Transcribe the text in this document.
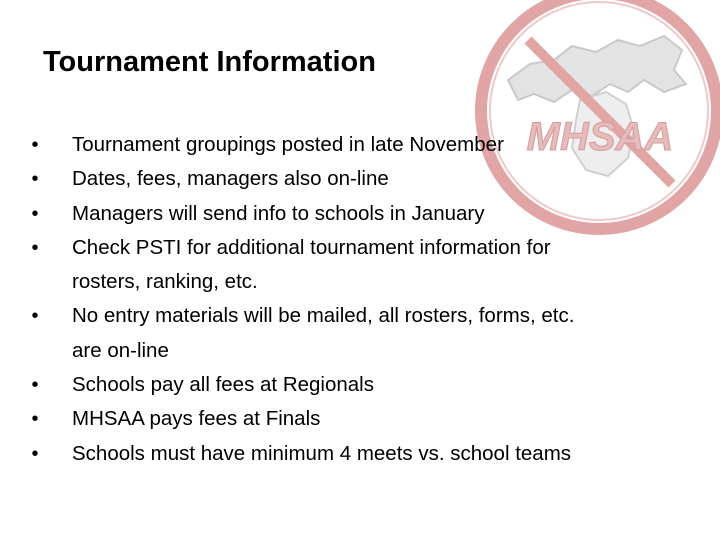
MHSAA
Tournament Information
• Tournament groupings posted in late November
• Dates, fees, managers also on-line
• Managers will send info to schools in January
• Check PSTI for additional tournament information for
rosters, ranking, etc.
• No entry materials will be mailed, all rosters, forms, etc.
are on-line
• Schools pay all fees at Regionals
• MHSAA pays fees at Finals
• Schools must have minimum 4 meets vs. school teams
